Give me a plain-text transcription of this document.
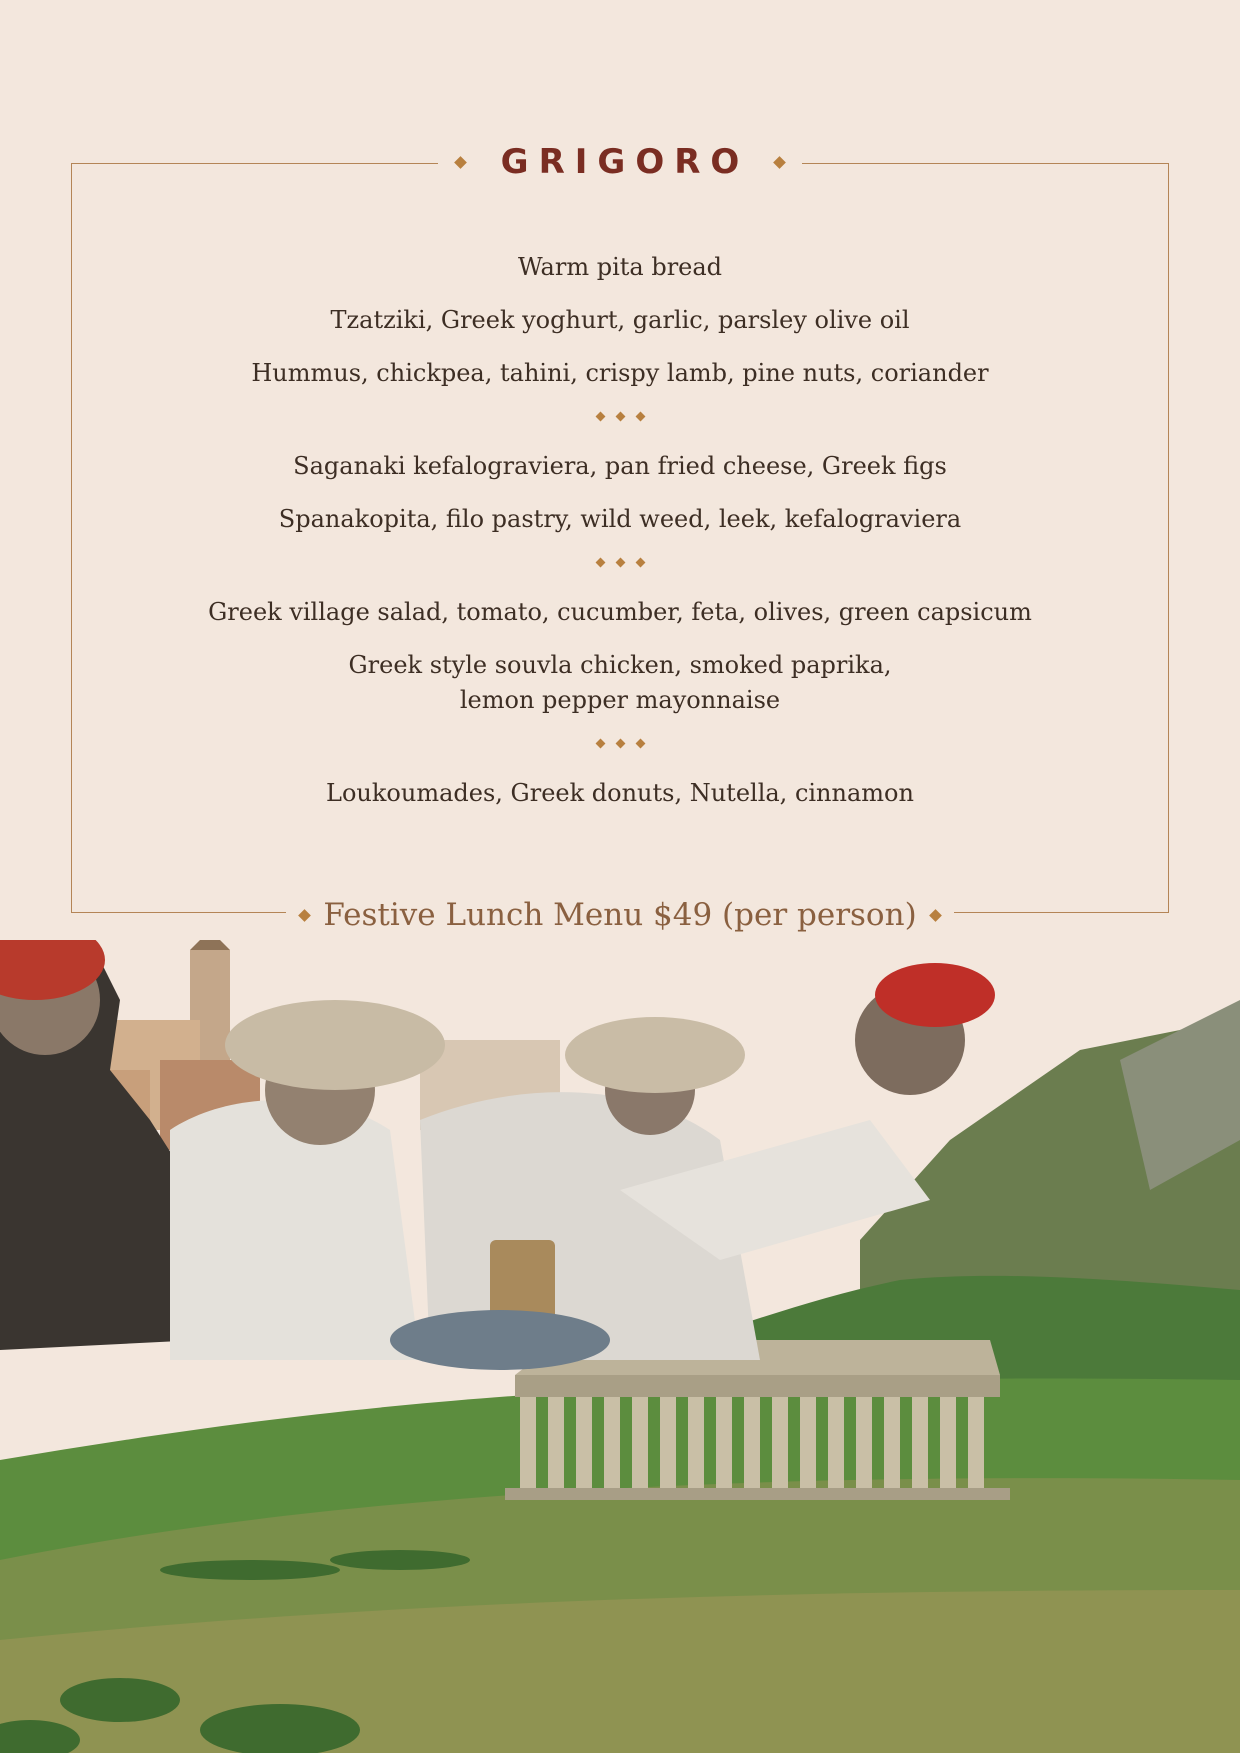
GRIGORO
Warm pita bread
Tzatziki, Greek yoghurt, garlic, parsley olive oil
Hummus, chickpea, tahini, crispy lamb, pine nuts, coriander
Saganaki kefalograviera, pan fried cheese, Greek figs
Spanakopita, filo pastry, wild weed, leek, kefalograviera
Greek village salad, tomato, cucumber, feta, olives, green capsicum
Greek style souvla chicken, smoked paprika,
lemon pepper mayonnaise
Loukoumades, Greek donuts, Nutella, cinnamon
Festive Lunch Menu $49 (per person)
